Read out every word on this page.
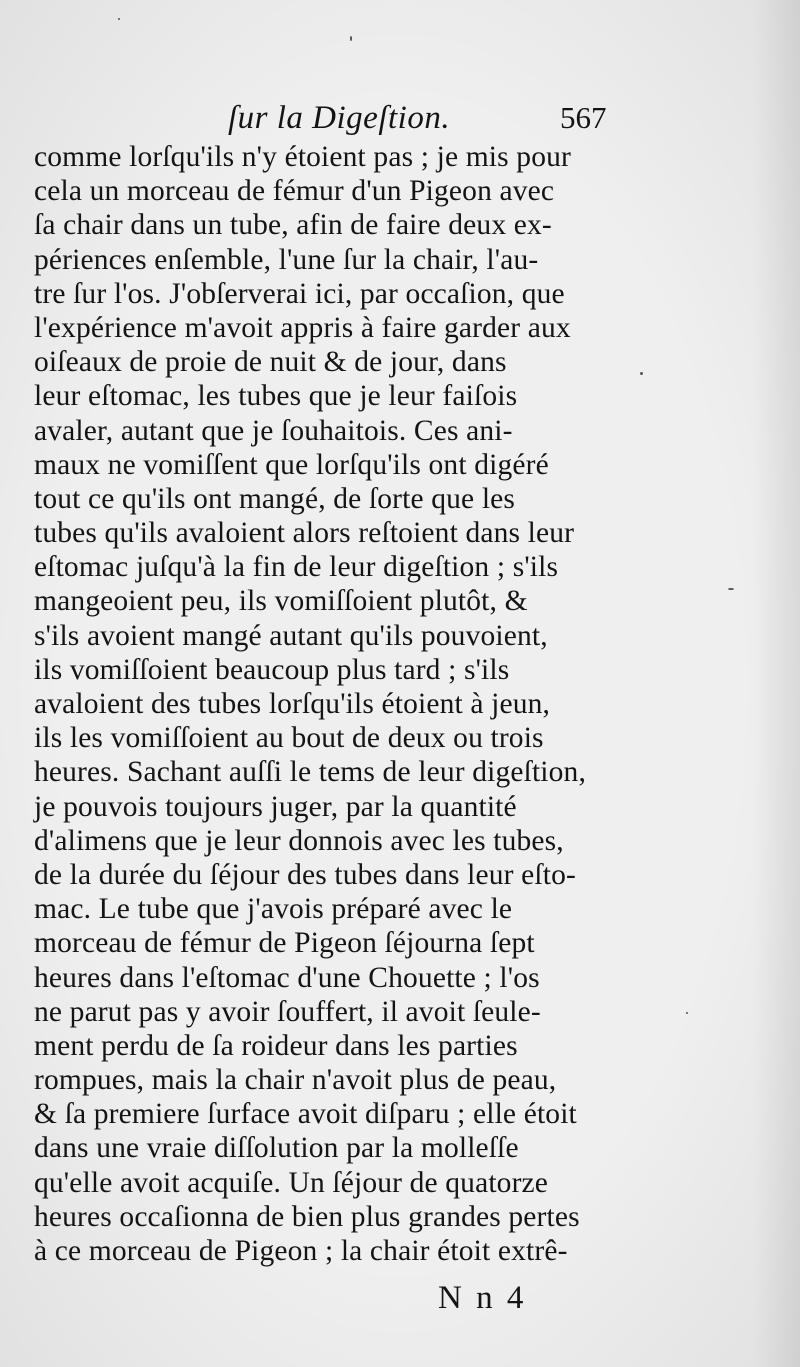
ſur la Digeſtion.	567
comme lorſqu'ils n'y étoient pas ; je mis pour
cela un morceau de fémur d'un Pigeon avec
ſa chair dans un tube, afin de faire deux ex-
périences enſemble, l'une ſur la chair, l'au-
tre ſur l'os. J'obſerverai ici, par occaſion, que
l'expérience m'avoit appris à faire garder aux
oiſeaux de proie de nuit & de jour, dans
leur eſtomac, les tubes que je leur faiſois
avaler, autant que je ſouhaitois. Ces ani-
maux ne vomiſſent que lorſqu'ils ont digéré
tout ce qu'ils ont mangé, de ſorte que les
tubes qu'ils avaloient alors reſtoient dans leur
eſtomac juſqu'à la fin de leur digeſtion ; s'ils
mangeoient peu, ils vomiſſoient plutôt, &
s'ils avoient mangé autant qu'ils pouvoient,
ils vomiſſoient beaucoup plus tard ; s'ils
avaloient des tubes lorſqu'ils étoient à jeun,
ils les vomiſſoient au bout de deux ou trois
heures. Sachant auſſi le tems de leur digeſtion,
je pouvois toujours juger, par la quantité
d'alimens que je leur donnois avec les tubes,
de la durée du ſéjour des tubes dans leur eſto-
mac. Le tube que j'avois préparé avec le
morceau de fémur de Pigeon ſéjourna ſept
heures dans l'eſtomac d'une Chouette ; l'os
ne parut pas y avoir ſouffert, il avoit ſeule-
ment perdu de ſa roideur dans les parties
rompues, mais la chair n'avoit plus de peau,
& ſa premiere ſurface avoit diſparu ; elle étoit
dans une vraie diſſolution par la molleſſe
qu'elle avoit acquiſe. Un ſéjour de quatorze
heures occaſionna de bien plus grandes pertes
à ce morceau de Pigeon ; la chair étoit extrê-
N n 4
